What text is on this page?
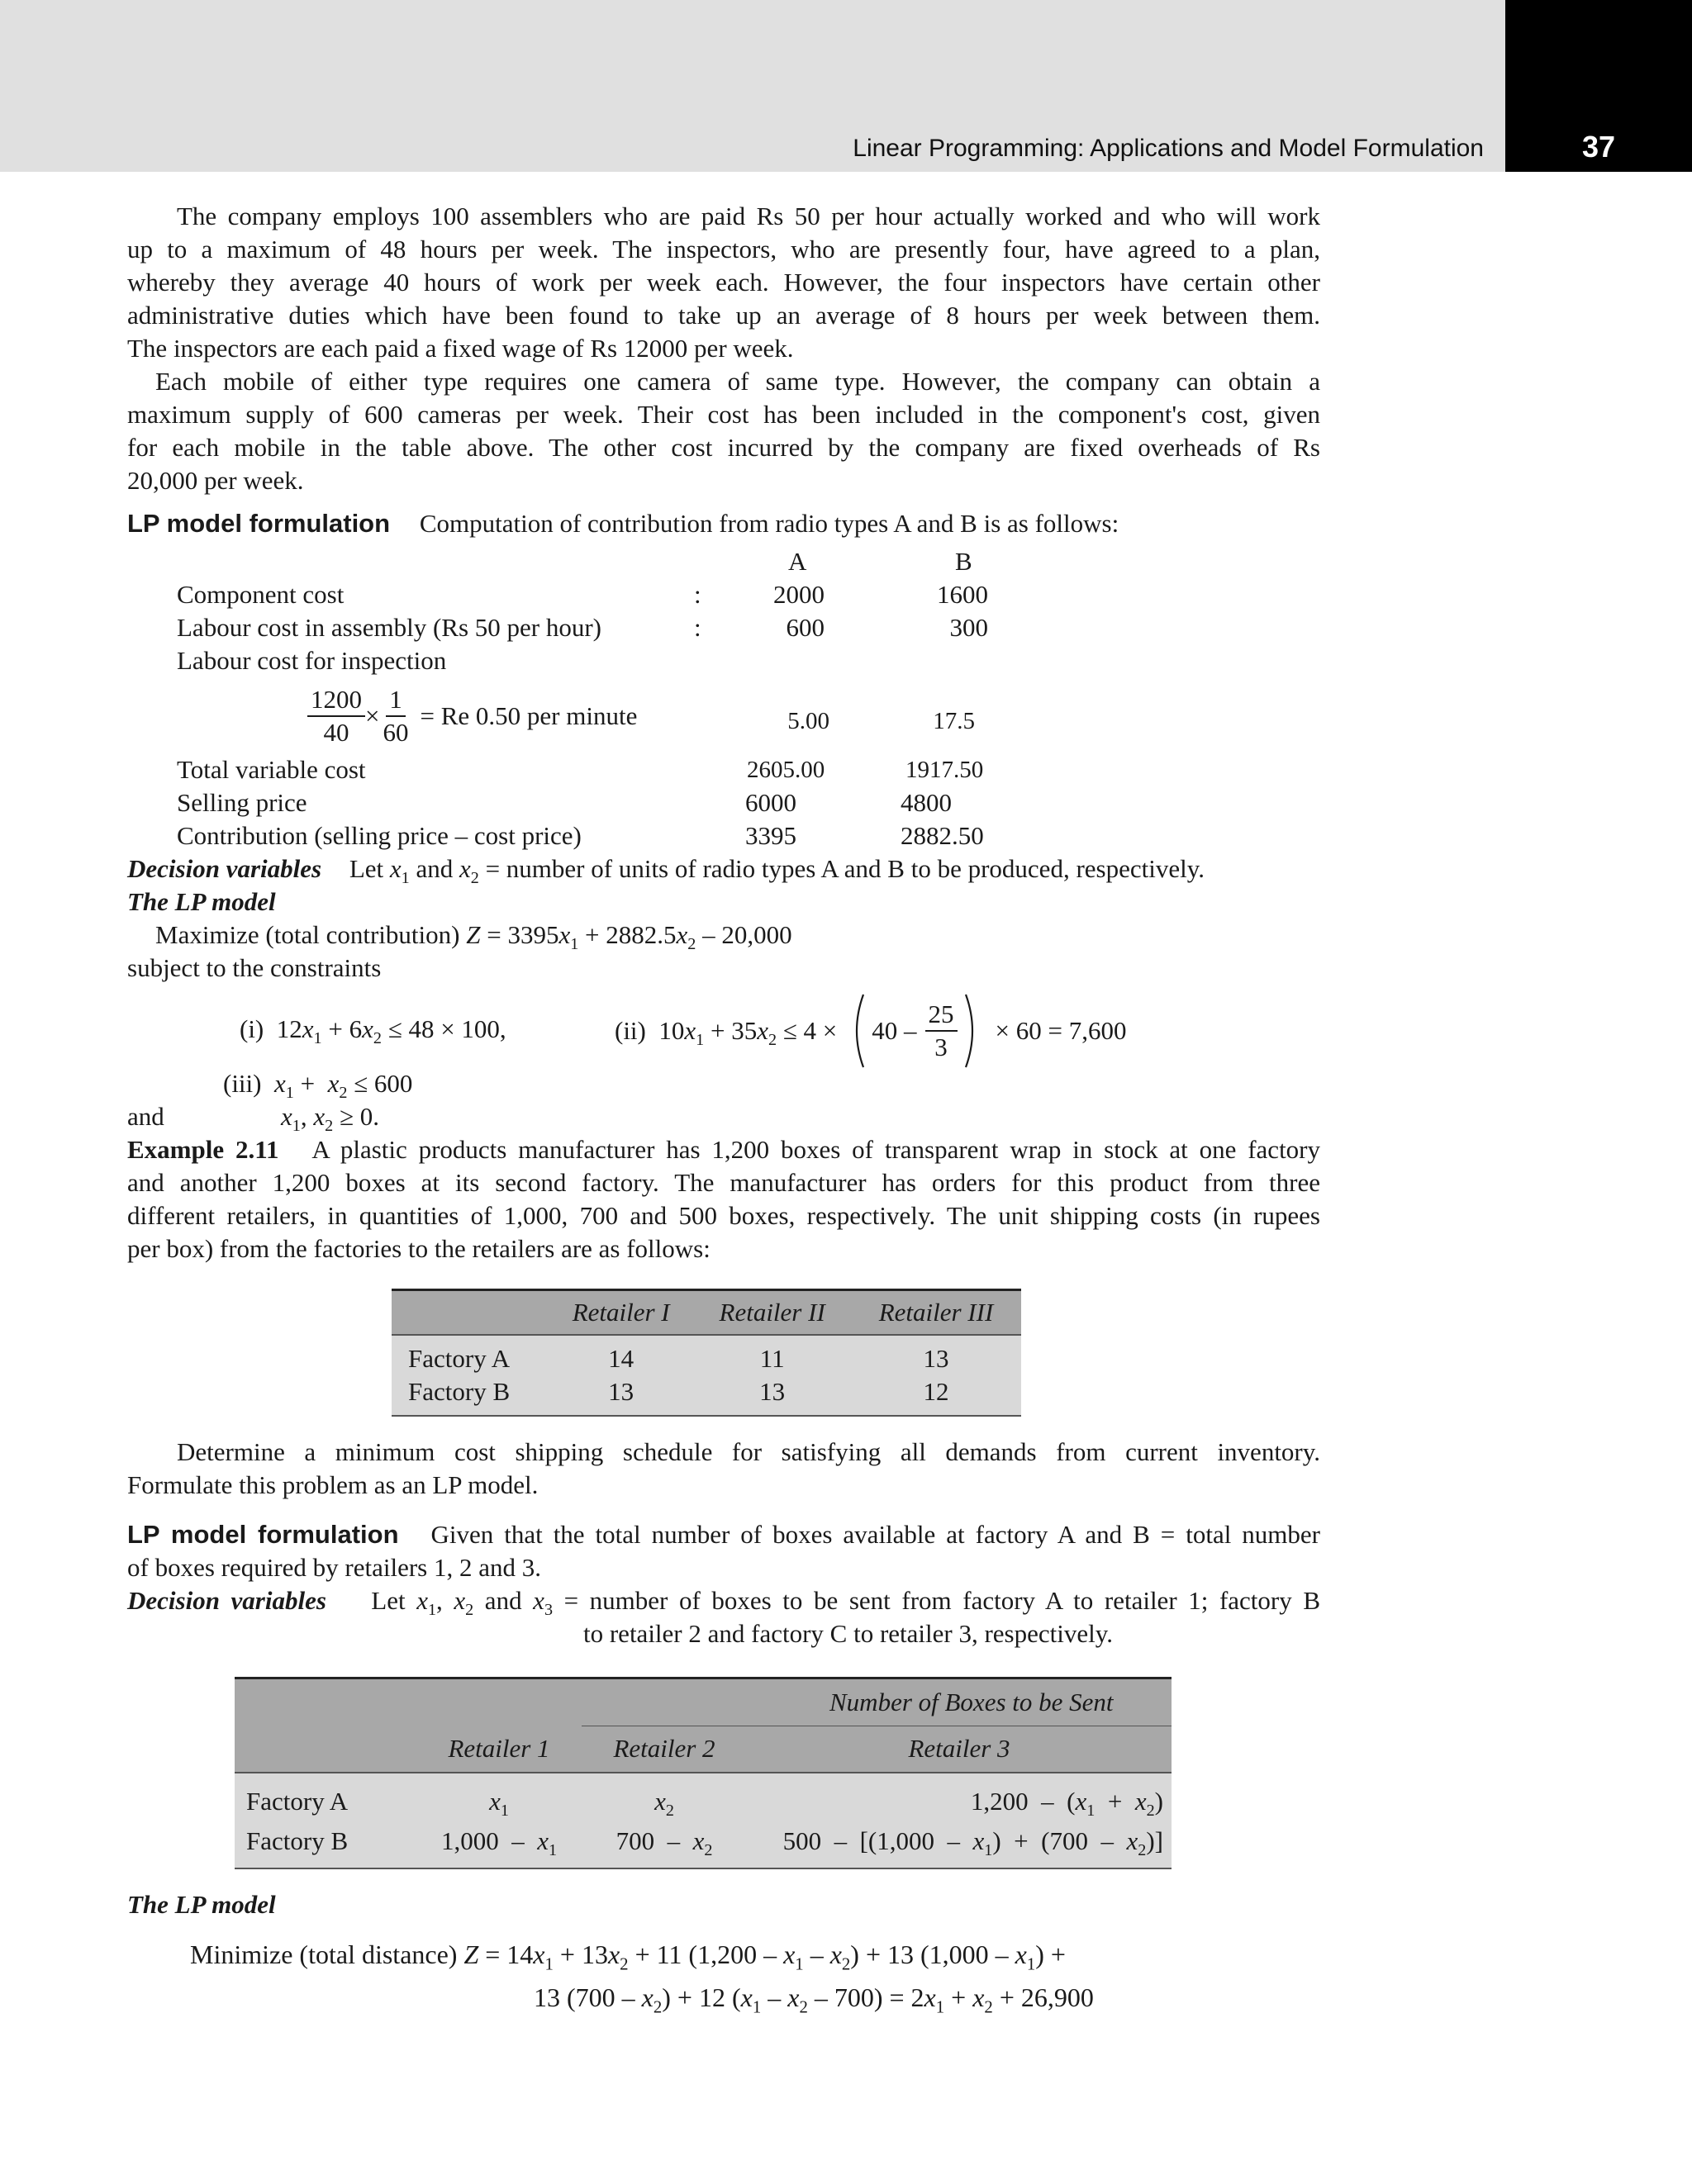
Linear Programming: Applications and Model Formulation	37
The company employs 100 assemblers who are paid Rs 50 per hour actually worked and who will work
up to a maximum of 48 hours per week. The inspectors, who are presently four, have agreed to a plan,
whereby they average 40 hours of work per week each. However, the four inspectors have certain other
administrative duties which have been found to take up an average of 8 hours per week between them.
The inspectors are each paid a fixed wage of Rs 12000 per week.
Each mobile of either type requires one camera of same type. However, the company can obtain a
maximum supply of 600 cameras per week. Their cost has been included in the component's cost, given
for each mobile in the table above. The other cost incurred by the company are fixed overheads of Rs
20,000 per week.
LP model formulation Computation of contribution from radio types A and B is as follows:
A	B
Component cost	:	2000	1600
Labour cost in assembly (Rs 50 per hour)	:	600	300
Labour cost for inspection
$\frac{1200}{40} \times \frac{1}{60} = Re$ 0.50 per minute	5.00	17.5
Total variable cost	2605.00	1917.50
Selling price	6000	4800
Contribution (selling price – cost price)	3395	2882.50
Decision variables Let $x_1$ and $x_2$ = number of units of radio types A and B to be produced, respectively.
The LP model
Maximize (total contribution) $Z = 3395x_1 + 2882.5x_2 - 20,000$
subject to the constraints
(i)  $12x_1 + 6x_2 \le 48 \times 100$,	(ii)  $10x_1 + 35x_2 \le 4 \times 40 - \frac{25}{3} \times 60 = 7,600$
(iii)  $x_1 + x_2 \le 600$
and	$x_1$, $x_2 \ge 0$.
Example 2.11 A plastic products manufacturer has 1,200 boxes of transparent wrap in stock at one factory
and another 1,200 boxes at its second factory. The manufacturer has orders for this product from three
different retailers, in quantities of 1,000, 700 and 500 boxes, respectively. The unit shipping costs (in rupees
per box) from the factories to the retailers are as follows:
	Retailer I	Retailer II	Retailer III
Factory A	14	11	13
Factory B	13	13	12
Determine a minimum cost shipping schedule for satisfying all demands from current inventory.
Formulate this problem as an LP model.
LP model formulation Given that the total number of boxes available at factory A and B = total number
of boxes required by retailers 1, 2 and 3.
Decision variables    Let $x_1$, $x_2$ and $x_3$ = number of boxes to be sent from factory A to retailer 1; factory B
to retailer 2 and factory C to retailer 3, respectively.
		Number of Boxes to be Sent	
	Retailer 1	Retailer 2	Retailer 3
Factory A	$x_1$	$x_2$	$1,200 - (x_1 + x_2)$
Factory B	$1,000 - x_1$	$700 - x_2$	$500 - [(1,000 - x_1) + (700 - x_2)]$
The LP model
Minimize (total distance) $Z = 14x_1 + 13x_2 + 11$ $(1,200 - x_1 - x_2) + 13$ $(1,000 - x_1)$ +
13 $(700 - x_2) + 12$ $(x_1 - x_2 - 700) = 2x_1 + x_2 + 26,900$
